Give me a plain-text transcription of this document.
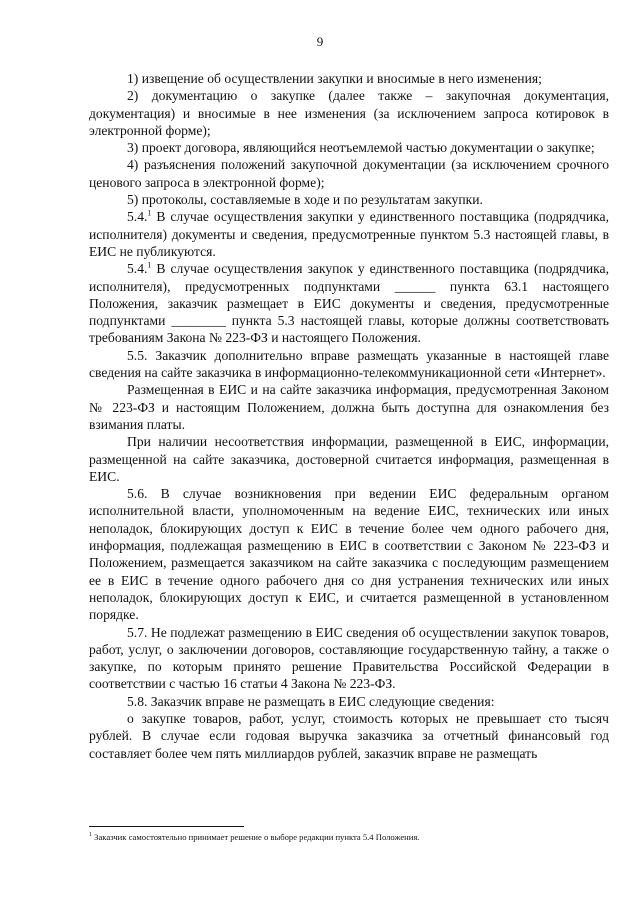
9

1) извещение об осуществлении закупки и вносимые в него изменения;

2) документацию о закупке (далее также – закупочная документация, документация) и вносимые в нее изменения (за исключением запроса котировок в электронной форме);

3) проект договора, являющийся неотъемлемой частью документации о закупке;

4) разъяснения положений закупочной документации (за исключением срочного ценового запроса в электронной форме);

5) протоколы, составляемые в ходе и по результатам закупки.

5.4.$^1$ В случае осуществления закупки у единственного поставщика (подрядчика, исполнителя) документы и сведения, предусмотренные пунктом 5.3 настоящей главы, в ЕИС не публикуются.

5.4.$^1$ В случае осуществления закупок у единственного поставщика (подрядчика, исполнителя), предусмотренных подпунктами ______ пункта 63.1 настоящего Положения, заказчик размещает в ЕИС документы и сведения, предусмотренные подпунктами ________ пункта 5.3 настоящей главы, которые должны соответствовать требованиям Закона № 223-ФЗ и настоящего Положения.

5.5. Заказчик дополнительно вправе размещать указанные в настоящей главе сведения на сайте заказчика в информационно-телекоммуникационной сети «Интернет».

Размещенная в ЕИС и на сайте заказчика информация, предусмотренная Законом № 223-ФЗ и настоящим Положением, должна быть доступна для ознакомления без взимания платы.

При наличии несоответствия информации, размещенной в ЕИС, информации, размещенной на сайте заказчика, достоверной считается информация, размещенная в ЕИС.

5.6. В случае возникновения при ведении ЕИС федеральным органом исполнительной власти, уполномоченным на ведение ЕИС, технических или иных неполадок, блокирующих доступ к ЕИС в течение более чем одного рабочего дня, информация, подлежащая размещению в ЕИС в соответствии с Законом № 223-ФЗ и Положением, размещается заказчиком на сайте заказчика с последующим размещением ее в ЕИС в течение одного рабочего дня со дня устранения технических или иных неполадок, блокирующих доступ к ЕИС, и считается размещенной в установленном порядке.

5.7. Не подлежат размещению в ЕИС сведения об осуществлении закупок товаров, работ, услуг, о заключении договоров, составляющие государственную тайну, а также о закупке, по которым принято решение Правительства Российской Федерации в соответствии с частью 16 статьи 4 Закона № 223-ФЗ.

5.8. Заказчик вправе не размещать в ЕИС следующие сведения:

о закупке товаров, работ, услуг, стоимость которых не превышает сто тысяч рублей. В случае если годовая выручка заказчика за отчетный финансовый год составляет более чем пять миллиардов рублей, заказчик вправе не размещать

$^1$ Заказчик самостоятельно принимает решение о выборе редакции пункта 5.4 Положения.
